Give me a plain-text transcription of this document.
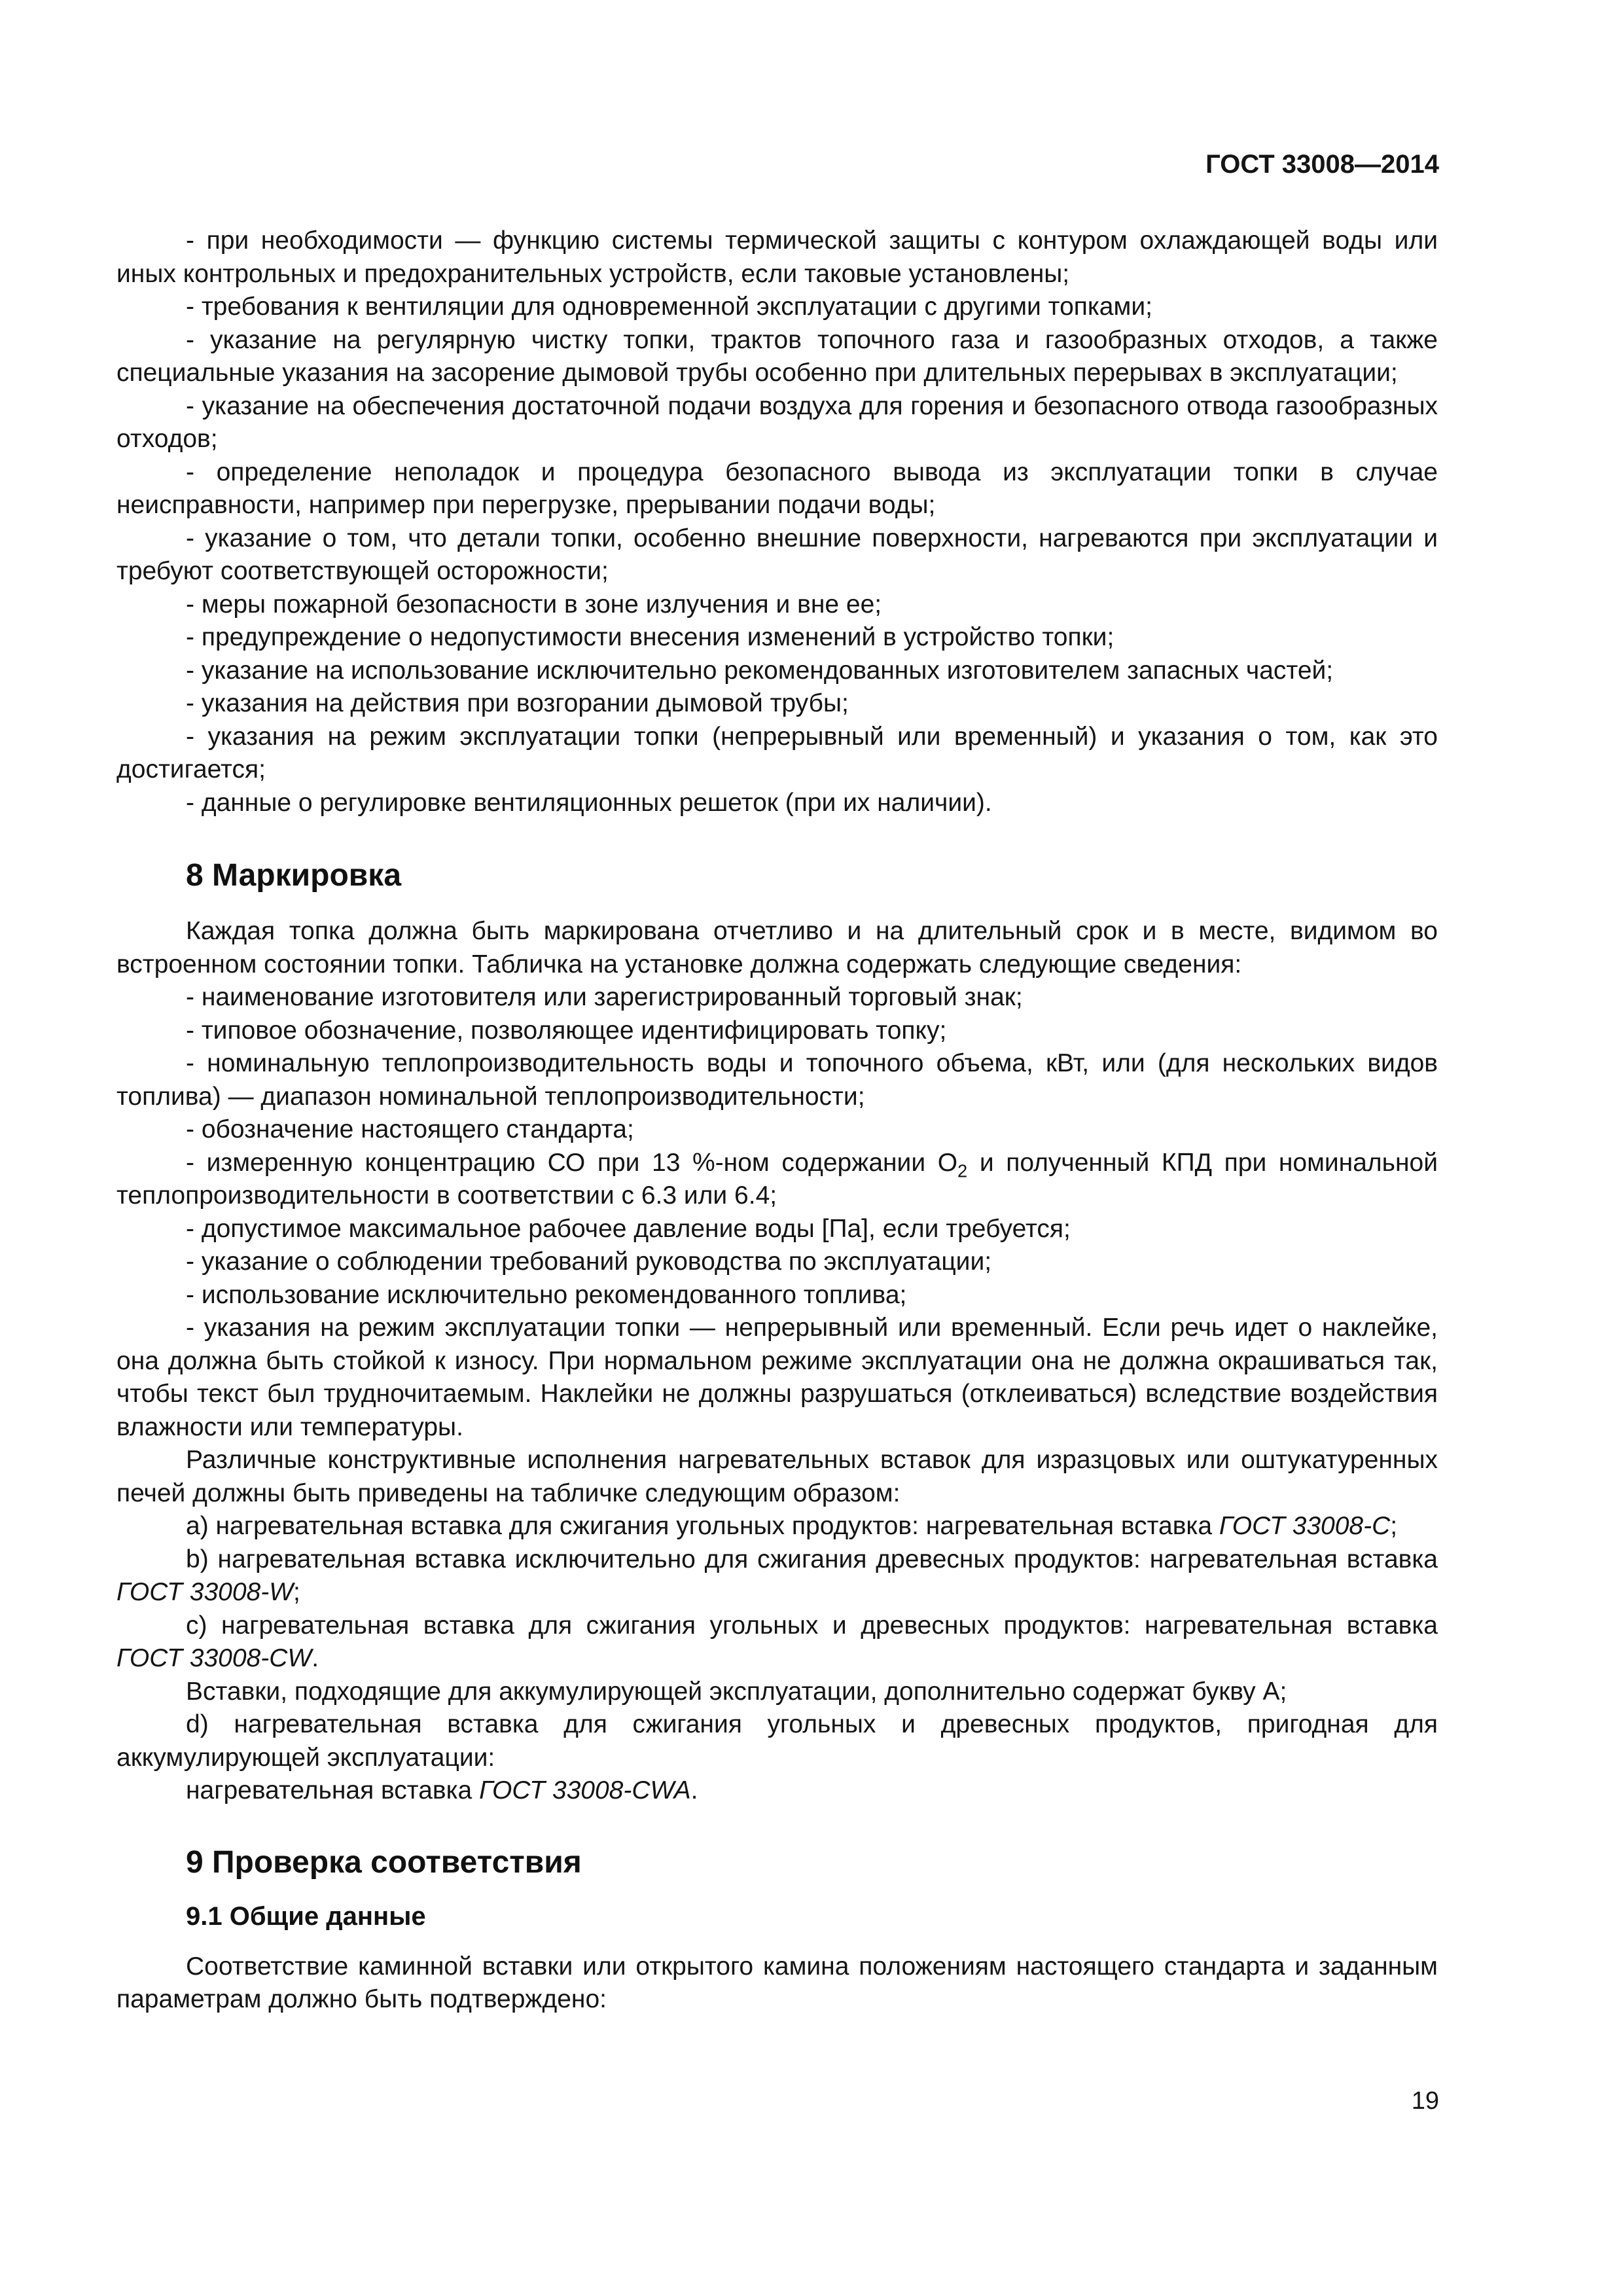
ГОСТ 33008—2014

- при необходимости — функцию системы термической защиты с контуром охлаждающей воды или иных контрольных и предохранительных устройств, если таковые установлены;

- требования к вентиляции для одновременной эксплуатации с другими топками;

- указание на регулярную чистку топки, трактов топочного газа и газообразных отходов, а также специальные указания на засорение дымовой трубы особенно при длительных перерывах в эксплуатации;

- указание на обеспечения достаточной подачи воздуха для горения и безопасного отвода газообразных отходов;

- определение неполадок и процедура безопасного вывода из эксплуатации топки в случае неисправности, например при перегрузке, прерывании подачи воды;

- указание о том, что детали топки, особенно внешние поверхности, нагреваются при эксплуатации и требуют соответствующей осторожности;

- меры пожарной безопасности в зоне излучения и вне ее;

- предупреждение о недопустимости внесения изменений в устройство топки;

- указание на использование исключительно рекомендованных изготовителем запасных частей;

- указания на действия при возгорании дымовой трубы;

- указания на режим эксплуатации топки (непрерывный или временный) и указания о том, как это достигается;

- данные о регулировке вентиляционных решеток (при их наличии).

8 Маркировка

Каждая топка должна быть маркирована отчетливо и на длительный срок и в месте, видимом во встроенном состоянии топки. Табличка на установке должна содержать следующие сведения:

- наименование изготовителя или зарегистрированный торговый знак;

- типовое обозначение, позволяющее идентифицировать топку;

- номинальную теплопроизводительность воды и топочного объема, кВт, или (для нескольких видов топлива) — диапазон номинальной теплопроизводительности;

- обозначение настоящего стандарта;

- измеренную концентрацию СО при 13 %-ном содержании $О_2$ и полученный КПД при номинальной теплопроизводительности в соответствии с 6.3 или 6.4;

- допустимое максимальное рабочее давление воды [Па], если требуется;

- указание о соблюдении требований руководства по эксплуатации;

- использование исключительно рекомендованного топлива;

- указания на режим эксплуатации топки — непрерывный или временный. Если речь идет о наклейке, она должна быть стойкой к износу. При нормальном режиме эксплуатации она не должна окрашиваться так, чтобы текст был трудночитаемым. Наклейки не должны разрушаться (отклеиваться) вследствие воздействия влажности или температуры.

Различные конструктивные исполнения нагревательных вставок для изразцовых или оштукатуренных печей должны быть приведены на табличке следующим образом:

а) нагревательная вставка для сжигания угольных продуктов: нагревательная вставка ГОСТ 33008-С;

b) нагревательная вставка исключительно для сжигания древесных продуктов: нагревательная вставка ГОСТ 33008-W;

с) нагревательная вставка для сжигания угольных и древесных продуктов: нагревательная вставка ГОСТ 33008-CW.

Вставки, подходящие для аккумулирующей эксплуатации, дополнительно содержат букву А;

d) нагревательная вставка для сжигания угольных и древесных продуктов, пригодная для аккумулирующей эксплуатации:

нагревательная вставка ГОСТ 33008-CWA.

9 Проверка соответствия
9.1 Общие данные

Соответствие каминной вставки или открытого камина положениям настоящего стандарта и заданным параметрам должно быть подтверждено:

19
